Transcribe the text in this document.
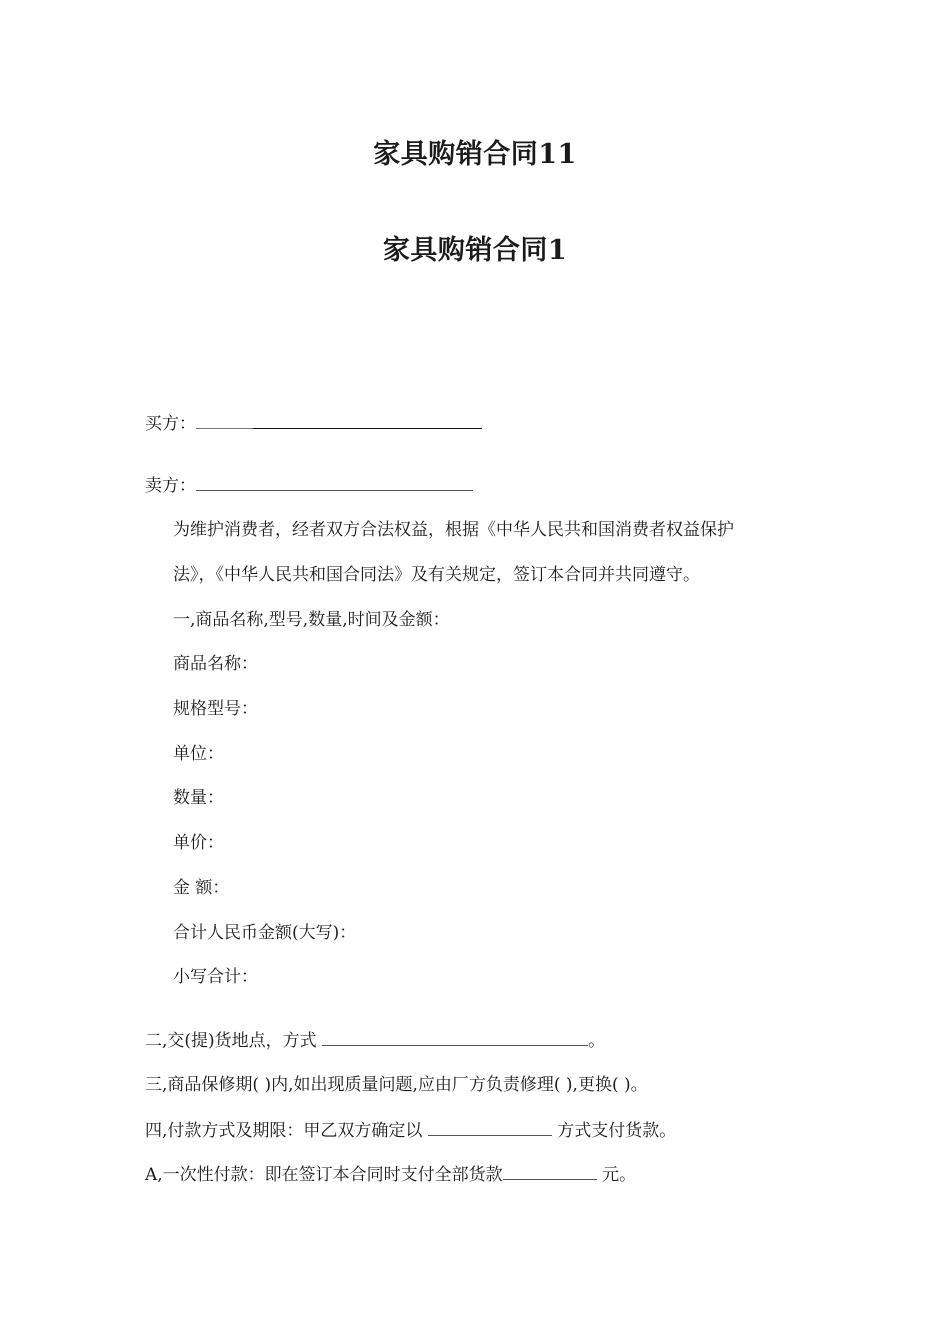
家具购销合同11
家具购销合同1
买方：
卖方：
为维护消费者，经者双方合法权益，根据《中华人民共和国消费者权益保护
法》，《中华人民共和国合同法》及有关规定，签订本合同并共同遵守。
一,商品名称,型号,数量,时间及金额：
商品名称：
规格型号：
单位：
数量：
单价：
金 额：
合计人民币金额(大写)：
小写合计：
二,交(提)货地点，方式	。
三,商品保修期( )内,如出现质量问题,应由厂方负责修理( ),更换( )。
四,付款方式及期限：甲乙双方确定以	方式支付货款。
A,一次性付款：即在签订本合同时支付全部货款	元。
